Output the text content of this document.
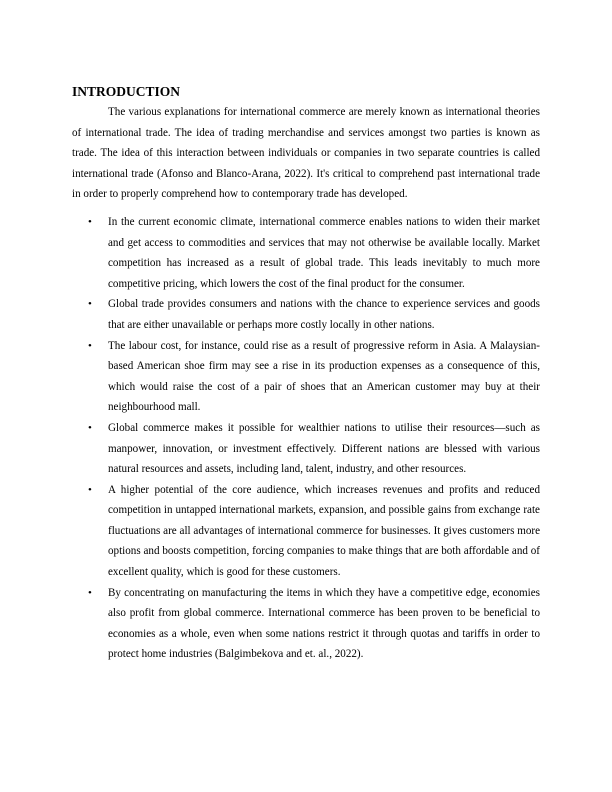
INTRODUCTION

The various explanations for international commerce are merely known as international theories of international trade. The idea of trading merchandise and services amongst two parties is known as trade. The idea of this interaction between individuals or companies in two separate countries is called international trade (Afonso and Blanco-Arana, 2022). It's critical to comprehend past international trade in order to properly comprehend how to contemporary trade has developed.

• In the current economic climate, international commerce enables nations to widen their market and get access to commodities and services that may not otherwise be available locally. Market competition has increased as a result of global trade. This leads inevitably to much more competitive pricing, which lowers the cost of the final product for the consumer.
• Global trade provides consumers and nations with the chance to experience services and goods that are either unavailable or perhaps more costly locally in other nations.
• The labour cost, for instance, could rise as a result of progressive reform in Asia. A Malaysian-based American shoe firm may see a rise in its production expenses as a consequence of this, which would raise the cost of a pair of shoes that an American customer may buy at their neighbourhood mall.
• Global commerce makes it possible for wealthier nations to utilise their resources—such as manpower, innovation, or investment effectively. Different nations are blessed with various natural resources and assets, including land, talent, industry, and other resources.
• A higher potential of the core audience, which increases revenues and profits and reduced competition in untapped international markets, expansion, and possible gains from exchange rate fluctuations are all advantages of international commerce for businesses. It gives customers more options and boosts competition, forcing companies to make things that are both affordable and of excellent quality, which is good for these customers.
• By concentrating on manufacturing the items in which they have a competitive edge, economies also profit from global commerce. International commerce has been proven to be beneficial to economies as a whole, even when some nations restrict it through quotas and tariffs in order to protect home industries (Balgimbekova and et. al., 2022).
